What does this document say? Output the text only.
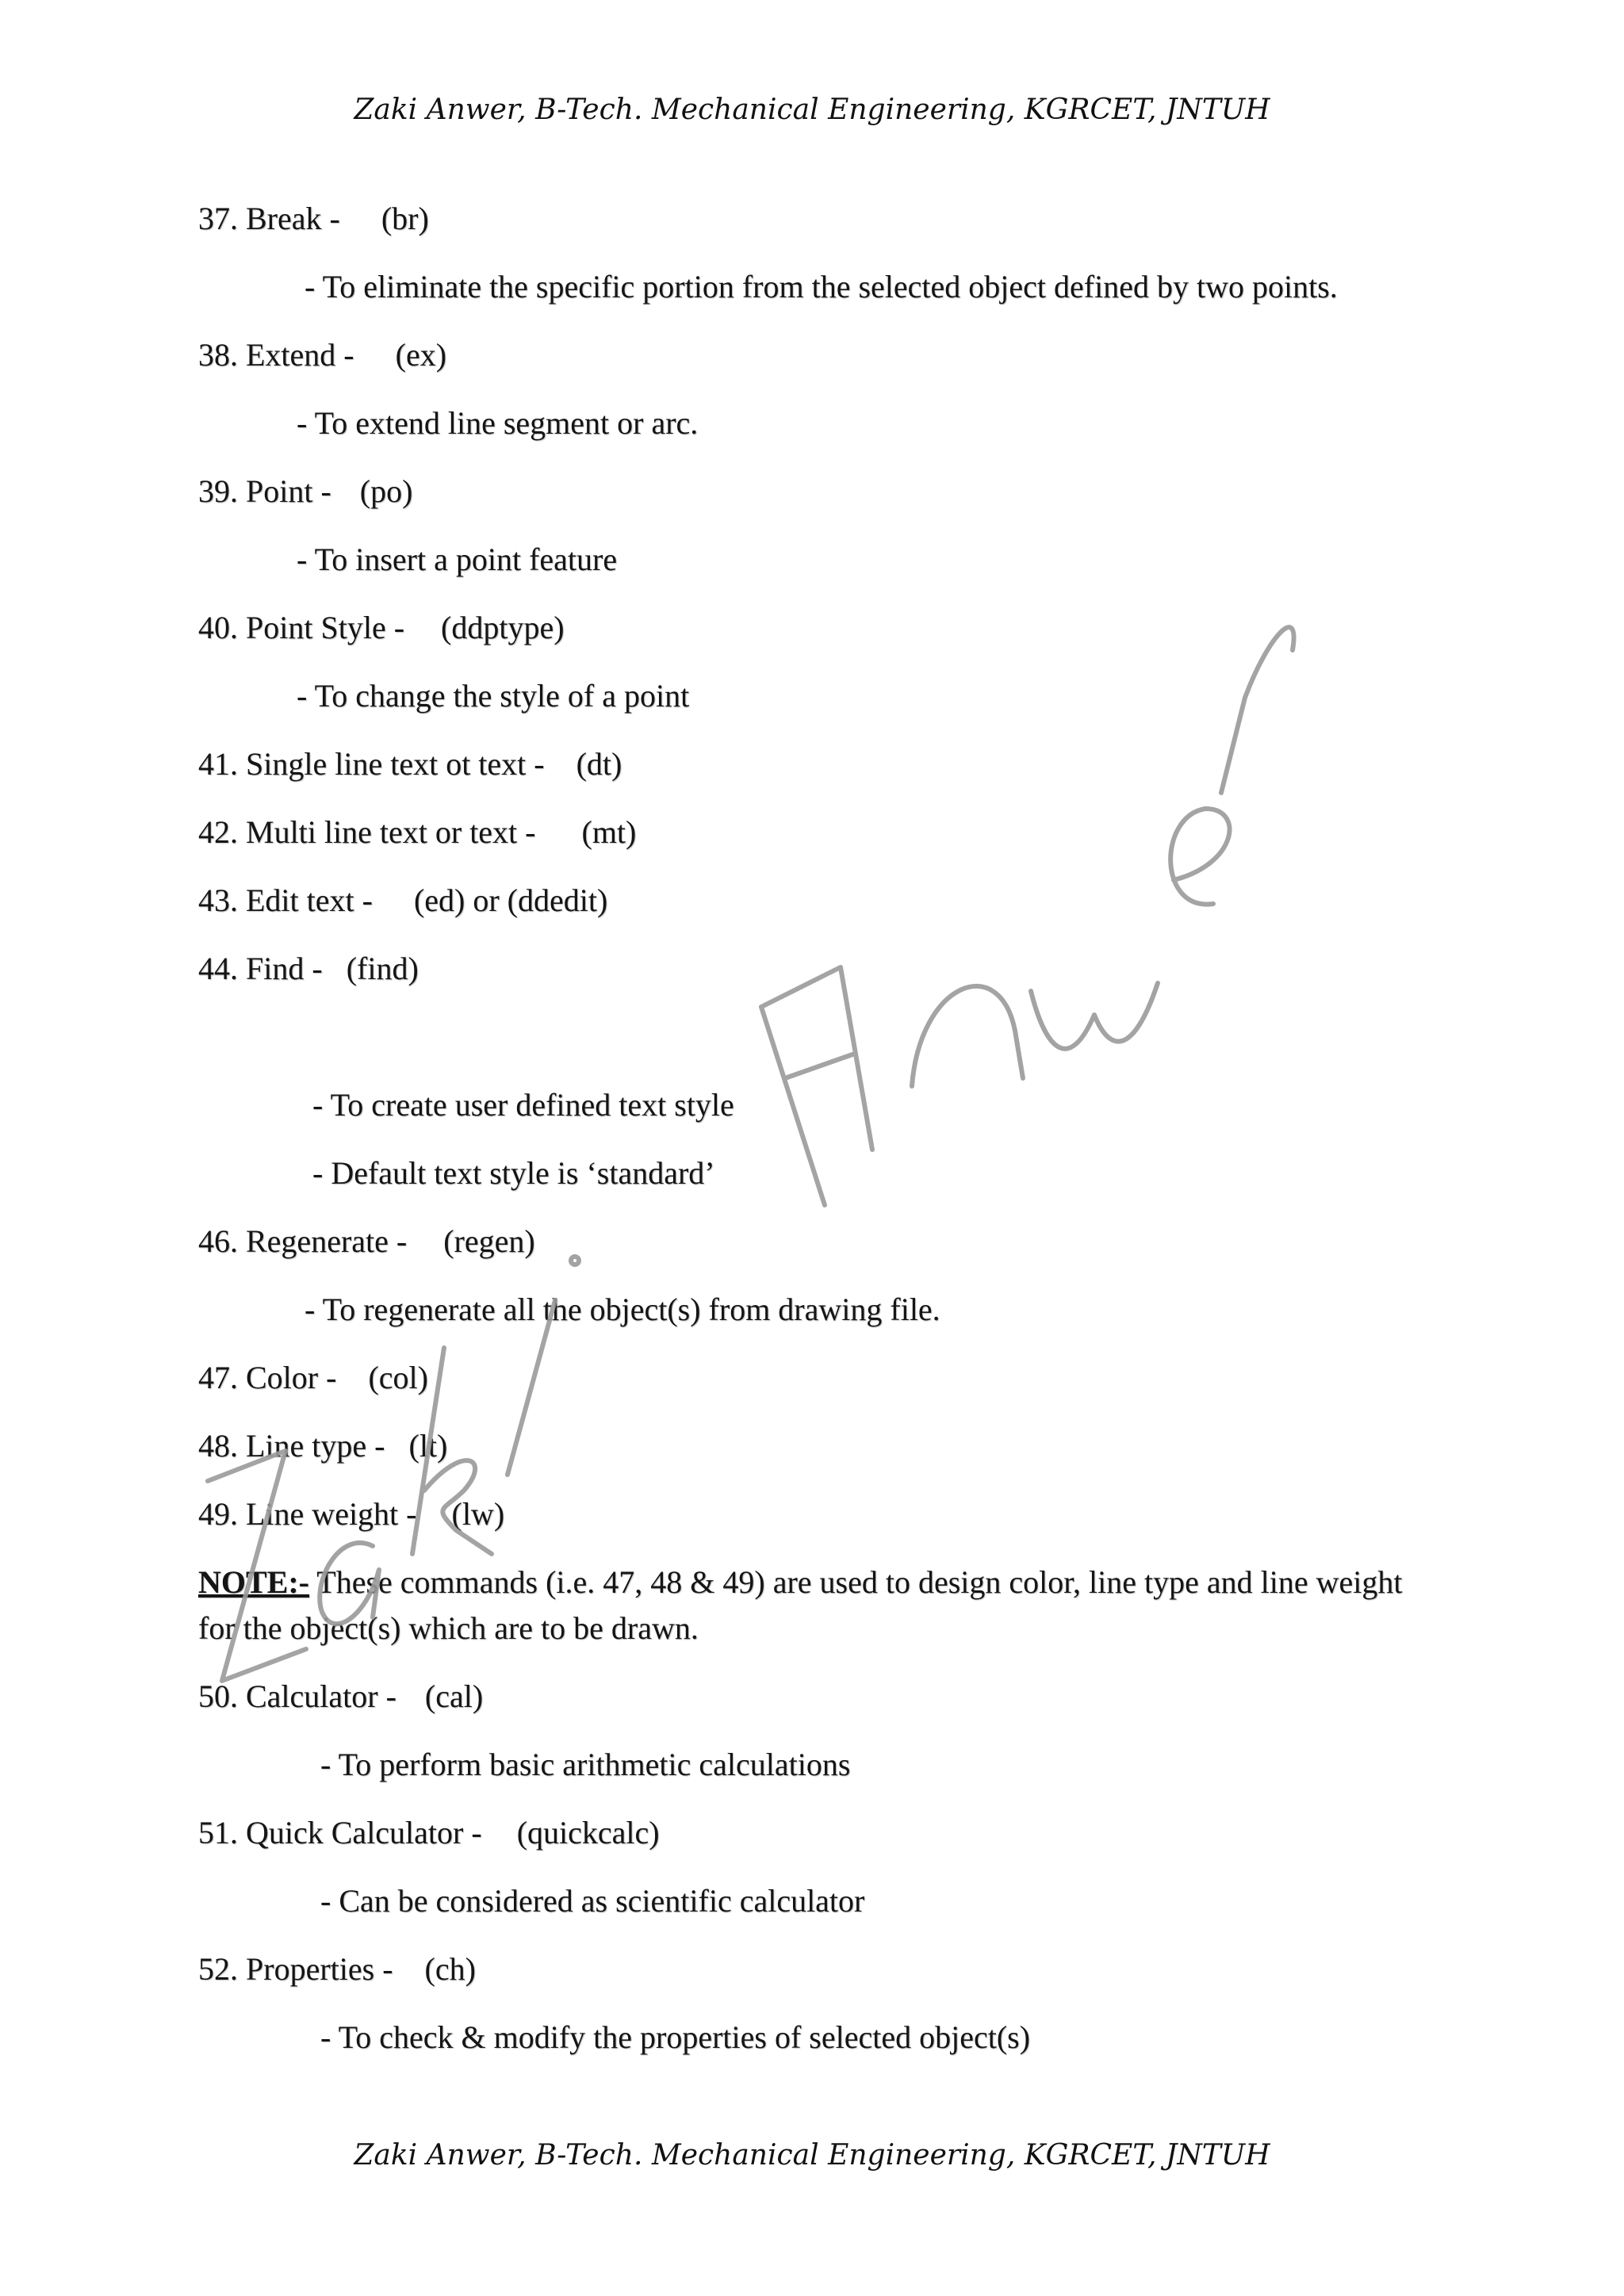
Zaki Anwer, B-Tech. Mechanical Engineering, KGRCET, JNTUH
37. Break - (br)
- To eliminate the specific portion from the selected object defined by two points.
38. Extend - (ex)
- To extend line segment or arc.
39. Point - (po)
- To insert a point feature
40. Point Style - (ddptype)
- To change the style of a point
41. Single line text ot text - (dt)
42. Multi line text or text - (mt)
43. Edit text - (ed) or (ddedit)
44. Find - (find)
- To create user defined text style
- Default text style is ‘standard’
46. Regenerate - (regen)
- To regenerate all the object(s) from drawing file.
47. Color - (col)
48. Line type - (lt)
49. Line weight - (lw)
NOTE:- These commands (i.e. 47, 48 & 49) are used to design color, line type and line weight
for the object(s) which are to be drawn.
50. Calculator - (cal)
- To perform basic arithmetic calculations
51. Quick Calculator - (quickcalc)
- Can be considered as scientific calculator
52. Properties - (ch)
- To check & modify the properties of selected object(s)
Zaki Anwer, B-Tech. Mechanical Engineering, KGRCET, JNTUH
